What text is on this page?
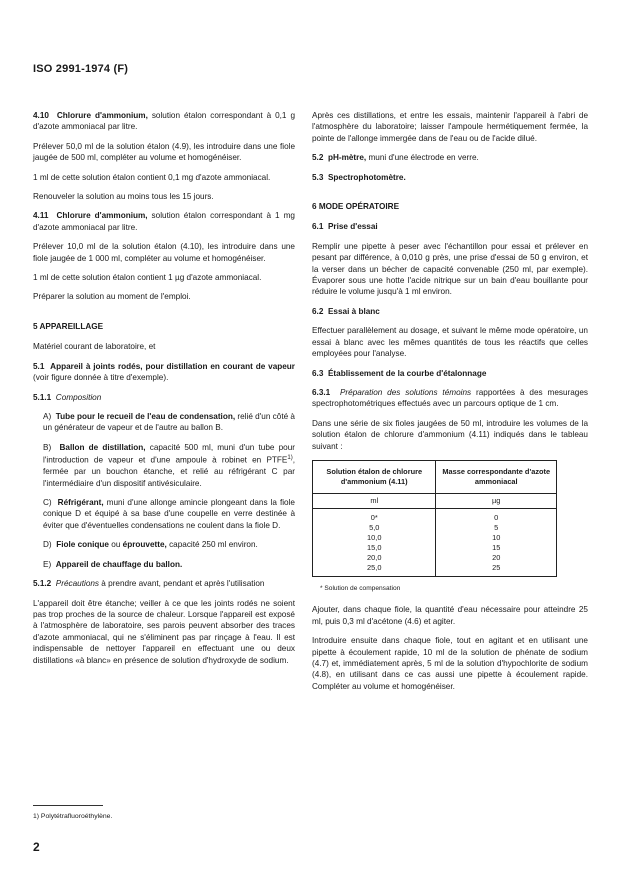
ISO 2991-1974 (F)

4.10 Chlorure d'ammonium, solution étalon correspondant à 0,1 g d'azote ammoniacal par litre.

Prélever 50,0 ml de la solution étalon (4.9), les introduire dans une fiole jaugée de 500 ml, compléter au volume et homogénéiser.

1 ml de cette solution étalon contient 0,1 mg d'azote ammoniacal.

Renouveler la solution au moins tous les 15 jours.

4.11 Chlorure d'ammonium, solution étalon correspondant à 1 mg d'azote ammoniacal par litre.

Prélever 10,0 ml de la solution étalon (4.10), les introduire dans une fiole jaugée de 1 000 ml, compléter au volume et homogénéiser.

1 ml de cette solution étalon contient 1 µg d'azote ammoniacal.

Préparer la solution au moment de l'emploi.

5 APPAREILLAGE

Matériel courant de laboratoire, et

5.1 Appareil à joints rodés, pour distillation en courant de vapeur (voir figure donnée à titre d'exemple).

5.1.1 Composition

A) Tube pour le recueil de l'eau de condensation, relié d'un côté à un générateur de vapeur et de l'autre au ballon B.

B) Ballon de distillation, capacité 500 ml, muni d'un tube pour l'introduction de vapeur et d'une ampoule à robinet en PTFE$^{1)}$, fermée par un bouchon étanche, et relié au réfrigérant C par l'intermédiaire d'un dispositif antivésiculaire.

C) Réfrigérant, muni d'une allonge amincie plongeant dans la fiole conique D et équipé à sa base d'une coupelle en verre destinée à éviter que d'éventuelles condensations ne coulent dans la fiole D.

D) Fiole conique ou éprouvette, capacité 250 ml environ.

E) Appareil de chauffage du ballon.

5.1.2 Précautions à prendre avant, pendant et après l'utilisation

L'appareil doit être étanche; veiller à ce que les joints rodés ne soient pas trop proches de la source de chaleur. Lorsque l'appareil est exposé à l'atmosphère de laboratoire, ses parois peuvent absorber des traces d'azote ammoniacal, qui ne s'éliminent pas par rinçage à l'eau. Il est indispensable de nettoyer l'appareil en effectuant une ou deux distillations «à blanc» en présence de solution d'hydroxyde de sodium.

Après ces distillations, et entre les essais, maintenir l'appareil à l'abri de l'atmosphère du laboratoire; laisser l'ampoule hermétiquement fermée, la pointe de l'allonge immergée dans de l'eau ou de l'acide dilué.

5.2 pH-mètre, muni d'une électrode en verre.

5.3 Spectrophotomètre.

6 MODE OPÉRATOIRE

6.1 Prise d'essai

Remplir une pipette à peser avec l'échantillon pour essai et prélever en pesant par différence, à 0,010 g près, une prise d'essai de 50 g environ, et la verser dans un bécher de capacité convenable (250 ml, par exemple). Évaporer sous une hotte l'acide nitrique sur un bain d'eau bouillante pour réduire le volume jusqu'à 1 ml environ.

6.2 Essai à blanc

Effectuer parallèlement au dosage, et suivant le même mode opératoire, un essai à blanc avec les mêmes quantités de tous les réactifs que celles employées pour l'analyse.

6.3 Établissement de la courbe d'étalonnage

6.3.1 Préparation des solutions témoins rapportées à des mesurages spectrophotométriques effectués avec un parcours optique de 1 cm.

Dans une série de six fioles jaugées de 50 ml, introduire les volumes de la solution étalon de chlorure d'ammonium (4.11) indiqués dans le tableau suivant :

Solution étalon de chlorure d'ammonium (4.11)	Masse correspondante d'azote ammoniacal
ml	µg
0*	0
5,0	5
10,0	10
15,0	15
20,0	20
25,0	25
* Solution de compensation

Ajouter, dans chaque fiole, la quantité d'eau nécessaire pour atteindre 25 ml, puis 0,3 ml d'acétone (4.6) et agiter.

Introduire ensuite dans chaque fiole, tout en agitant et en utilisant une pipette à écoulement rapide, 10 ml de la solution de phénate de sodium (4.7) et, immédiatement après, 5 ml de la solution d'hypochlorite de sodium (4.8), en utilisant dans ce cas aussi une pipette à écoulement rapide. Compléter au volume et homogénéiser.

1) Polytétrafluoroéthylène.
2
